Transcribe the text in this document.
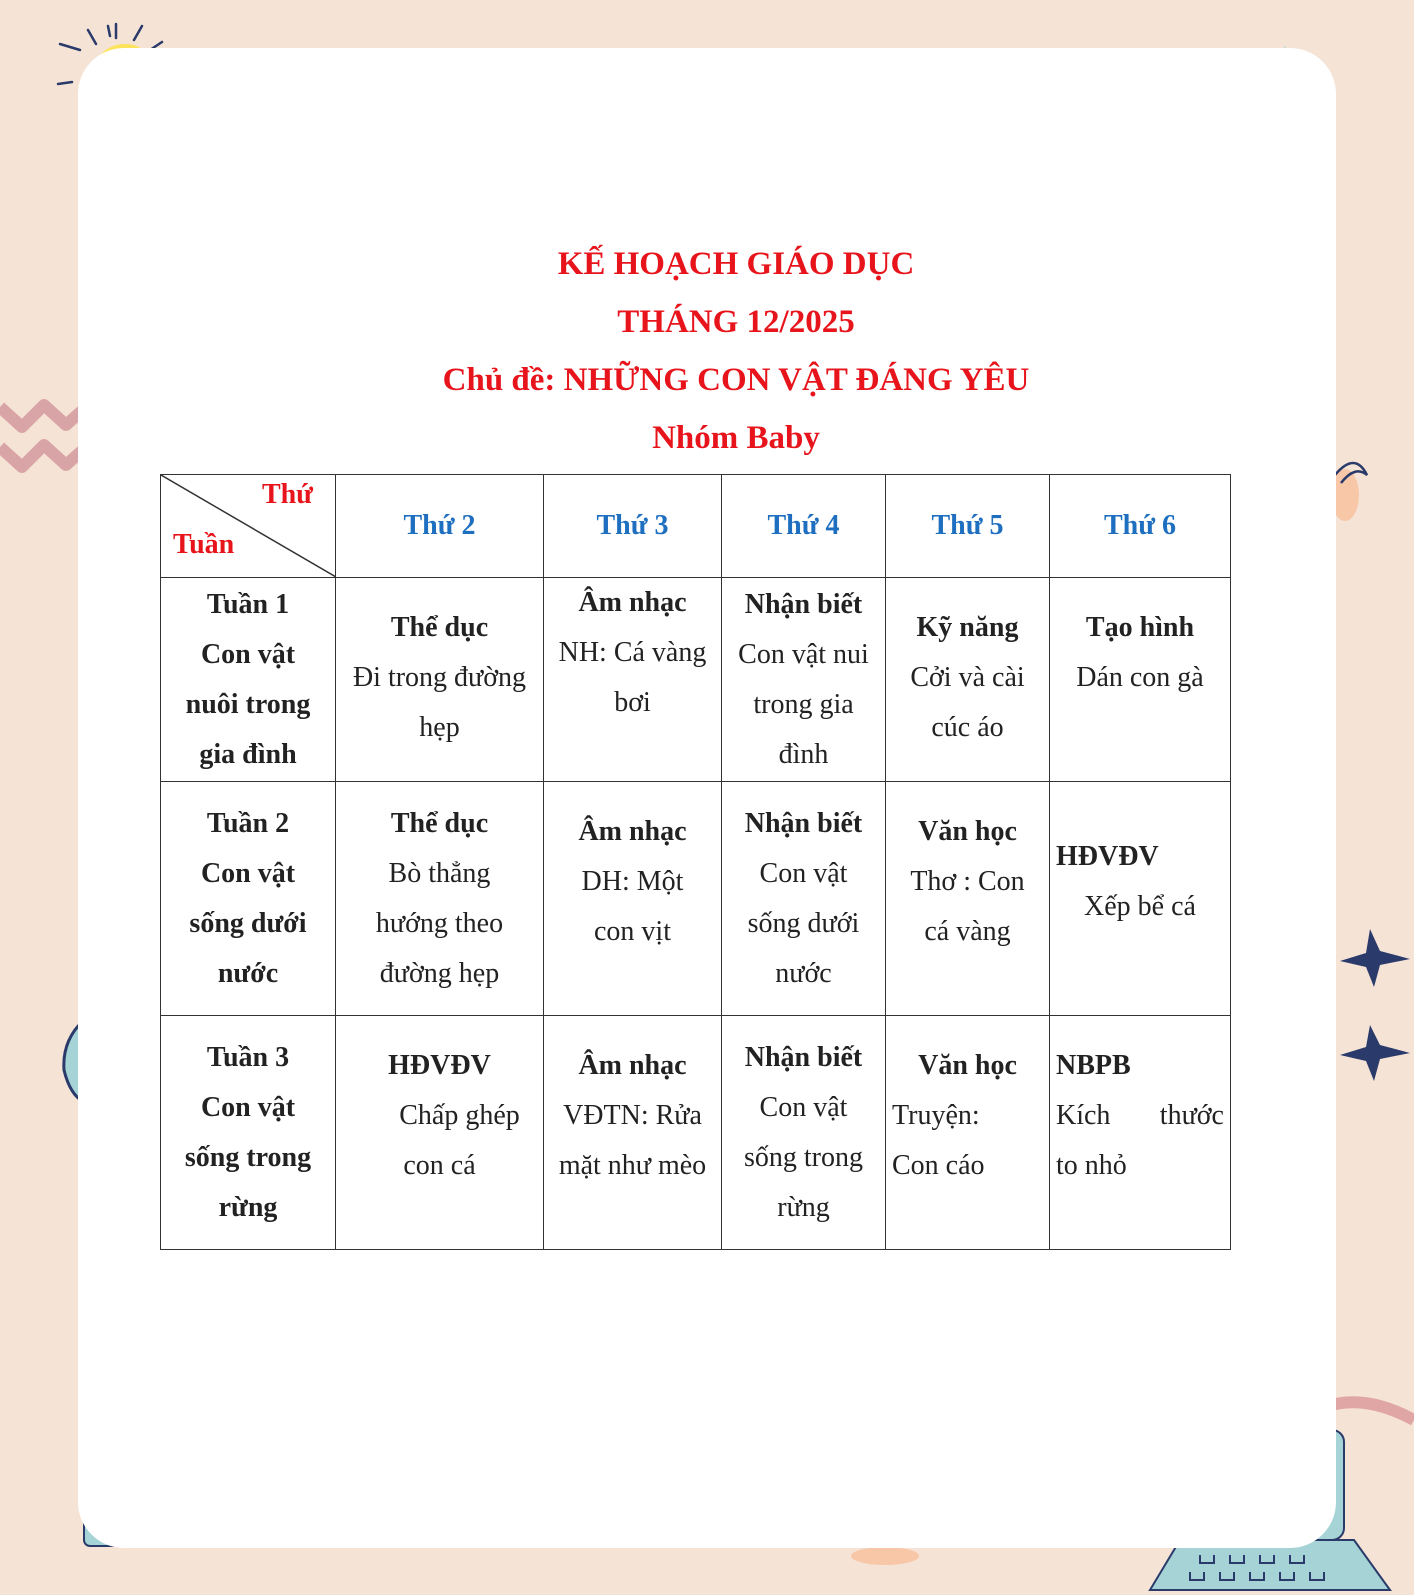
KẾ HOẠCH GIÁO DỤC
THÁNG 12/2025
Chủ đề: NHỮNG CON VẬT ĐÁNG YÊU
Nhóm Baby
Thứ
Tuần	Thứ 2	Thứ 3	Thứ 4	Thứ 5	Thứ 6

Tuần 1
Con vật
nuôi trong
gia đình	Thể dục
Đi trong đường
hẹp	Âm nhạc
NH: Cá vàng
bơi	Nhận biết
Con vật nui
trong gia
đình	Kỹ năng
Cởi và cài
cúc áo	Tạo hình
Dán con gà

Tuần 2
Con vật
sống dưới
nước	Thể dục
Bò thẳng
hướng theo
đường hẹp	Âm nhạc
DH: Một
con vịt	Nhận biết
Con vật
sống dưới
nước	Văn học
Thơ : Con
cá vàng	HĐVĐV
Xếp bể cá

Tuần 3
Con vật
sống trong
rừng	HĐVĐV
Chấp ghép
con cá	Âm nhạc
VĐTN: Rửa
mặt như mèo	Nhận biết
Con vật
sống trong
rừng	Văn học
Truyện:
Con cáo	NBPB
Kích thước
to nhỏ
